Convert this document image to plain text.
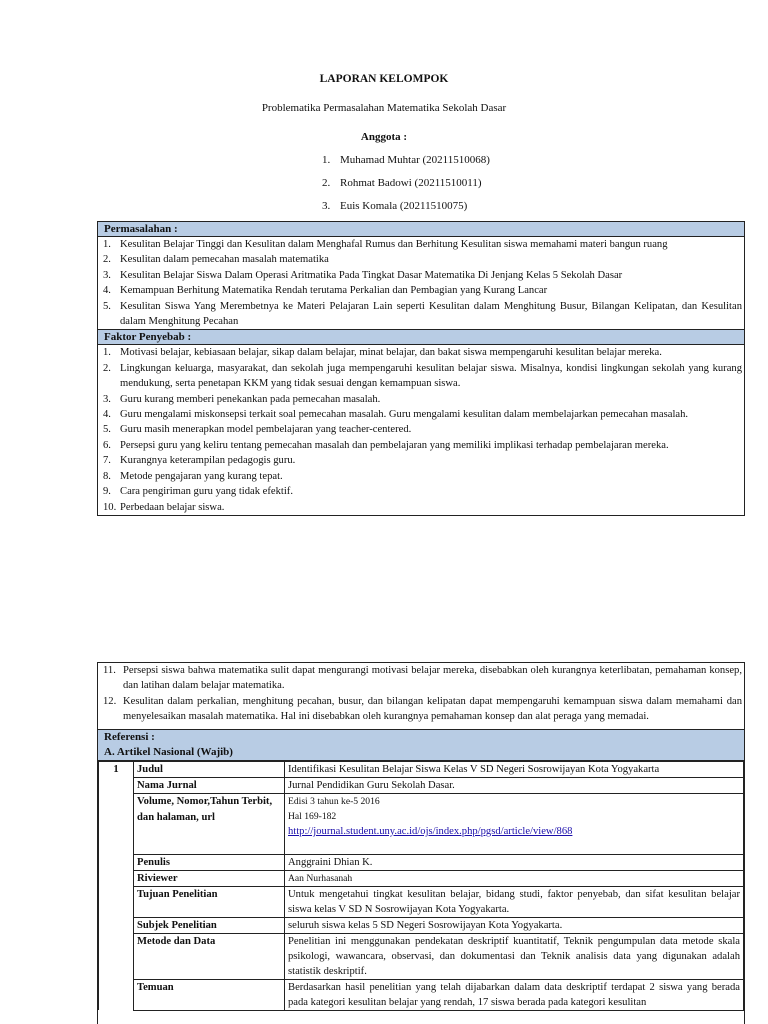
LAPORAN KELOMPOK
Problematika Permasalahan Matematika Sekolah Dasar
Anggota :
1. Muhamad Muhtar (20211510068)
2. Rohmat Badowi (20211510011)
3. Euis Komala (20211510075)
Permasalahan :
1. Kesulitan Belajar Tinggi dan Kesulitan dalam Menghafal Rumus dan Berhitung Kesulitan siswa memahami materi bangun ruang
2. Kesulitan dalam pemecahan masalah matematika
3. Kesulitan Belajar Siswa Dalam Operasi Aritmatika Pada Tingkat Dasar Matematika Di Jenjang Kelas 5 Sekolah Dasar
4. Kemampuan Berhitung Matematika Rendah terutama Perkalian dan Pembagian yang Kurang Lancar
5. Kesulitan Siswa Yang Merembetnya ke Materi Pelajaran Lain seperti Kesulitan dalam Menghitung Busur, Bilangan Kelipatan, dan Kesulitan dalam Menghitung Pecahan
Faktor Penyebab :
1. Motivasi belajar, kebiasaan belajar, sikap dalam belajar, minat belajar, dan bakat siswa mempengaruhi kesulitan belajar mereka.
2. Lingkungan keluarga, masyarakat, dan sekolah juga mempengaruhi kesulitan belajar siswa. Misalnya, kondisi lingkungan sekolah yang kurang mendukung, serta penetapan KKM yang tidak sesuai dengan kemampuan siswa.
3. Guru kurang memberi penekankan pada pemecahan masalah.
4. Guru mengalami miskonsepsi terkait soal pemecahan masalah. Guru mengalami kesulitan dalam membelajarkan pemecahan masalah.
5. Guru masih menerapkan model pembelajaran yang teacher-centered.
6. Persepsi guru yang keliru tentang pemecahan masalah dan pembelajaran yang memiliki implikasi terhadap pembelajaran mereka.
7. Kurangnya keterampilan pedagogis guru.
8. Metode pengajaran yang kurang tepat.
9. Cara pengiriman guru yang tidak efektif.
10. Perbedaan belajar siswa.
11. Persepsi siswa bahwa matematika sulit dapat mengurangi motivasi belajar mereka, disebabkan oleh kurangnya keterlibatan, pemahaman konsep, dan latihan dalam belajar matematika.
12. Kesulitan dalam perkalian, menghitung pecahan, busur, dan bilangan kelipatan dapat mempengaruhi kemampuan siswa dalam memahami dan menyelesaikan masalah matematika. Hal ini disebabkan oleh kurangnya pemahaman konsep dan alat peraga yang memadai.
Referensi :
A. Artikel Nasional (Wajib)
1	Judul	Identifikasi Kesulitan Belajar Siswa Kelas V SD Negeri Sosrowijayan Kota Yogyakarta
	Nama Jurnal	Jurnal Pendidikan Guru Sekolah Dasar.
	Volume, Nomor,Tahun Terbit, dan halaman, url	Edisi 3 tahun ke-5 2016
Hal 169-182
http://journal.student.uny.ac.id/ojs/index.php/pgsd/article/view/868

	Penulis	Anggraini Dhian K.
	Riviewer	Aan Nurhasanah
	Tujuan Penelitian	Untuk mengetahui tingkat kesulitan belajar, bidang studi, faktor penyebab, dan sifat kesulitan belajar siswa kelas V SD N Sosrowijayan Kota Yogyakarta.
	Subjek Penelitian	seluruh siswa kelas 5 SD Negeri Sosrowijayan Kota Yogyakarta.
	Metode dan Data	Penelitian ini menggunakan pendekatan deskriptif kuantitatif, Teknik pengumpulan data metode skala psikologi, wawancara, observasi, dan dokumentasi dan Teknik analisis data yang digunakan adalah statistik deskriptif.
	Temuan	Berdasarkan hasil penelitian yang telah dijabarkan dalam data deskriptif terdapat 2 siswa yang berada pada kategori kesulitan belajar yang rendah, 17 siswa berada pada kategori kesulitan
